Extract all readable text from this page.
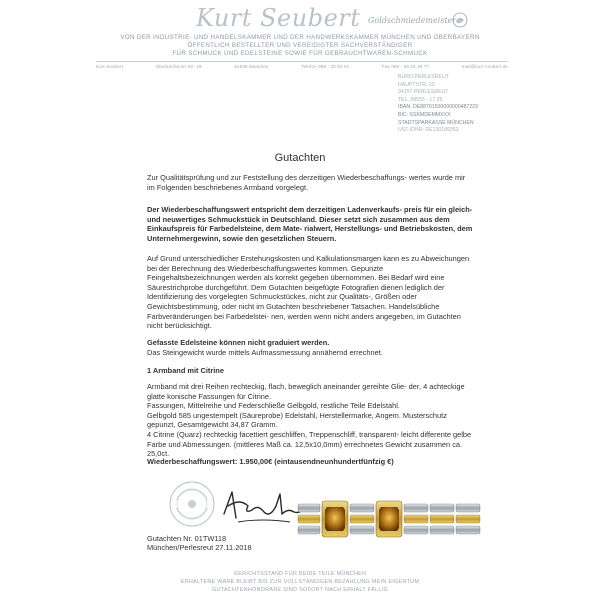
Kurt Seubert Goldschmiedemeister
VON DER INDUSTRIE- UND HANDELSKAMMER UND DER HANDWERKSKAMMER MÜNCHEN UND OBERBAYERN
ÖFFENTLICH BESTELLTER UND VEREIDIGTER SACHVERSTÄNDIGER
FÜR SCHMUCK UND EDELSTEINE SOWIE FÜR GEBRAUCHTWAREN-SCHMUCK
Kurt Seubert	Oberkirchener Str. 29	81539 München	Telefon 089 - 32 60 04	Fax 089 - 33 54 29 77	mail@kurt-seubert.de
BÜRO PERLESREUT
HAUPTSTR. 20
94157 PERLESREUT
TEL. 08555 - 17 29
IBAN: DE88701500000000487223
BIC: SSKMDEMMXXX
STADTSPARKASSE MÜNCHEN
UST-IDNR: DE130189353
Gutachten

Zur Qualitätsprüfung und zur Feststellung des derzeitigen Wiederbeschaffungs- wertes wurde mir im Folgenden beschriebenes Armband vorgelegt.

Der Wiederbeschaffungswert entspricht dem derzeitigen Ladenverkaufs- preis für ein gleich- und neuwertiges Schmuckstück in Deutschland. Dieser setzt sich zusammen aus dem Einkaufspreis für Farbedelsteine, dem Mate- rialwert, Herstellungs- und Betriebskosten, dem Unternehmergewinn, sowie den gesetzlichen Steuern.

Auf Grund unterschiedlicher Erstehungskosten und Kalkulationsmargen kann es zu Abweichungen bei der Berechnung des Wiederbeschaffungswertes kommen. Gepunzte Feingehaltsbezeichnungen werden als korrekt gegeben übernommen. Bei Bedarf wird eine Säurestrichprobe durchgeführt. Dem Gutachten beigefügte Fotografien dienen lediglich der Identifizierung des vorgelegten Schmuckstückes, nicht zur Qualitäts-, Größen oder Gewichtsbestimmung, oder nicht im Gutachten beschriebener Tatsachen. Handelsübliche Farbveränderungen bei Farbedelstei- nen, werden wenn nicht anders angegeben, im Gutachten nicht berücksichtigt.

Gefasste Edelsteine können nicht graduiert werden.

Das Steingewicht wurde mittels Aufmassmessung annähernd errechnet.

1 Armband mit Citrine

Armband mit drei Reihen rechteckig, flach, beweglich aneinander gereihte Glie- der, 4 achteckige glatte konische Fassungen für Citrine.

Fassungen, Mittelreihe und Federschließe Gelbgold, restliche Teile Edelstahl.

Gelbgold 585 ungestempelt (Säureprobe) Edelstahl, Herstellermarke, Angem. Musterschutz gepunzt, Gesamtgewicht 34,87 Gramm.

4 Citrine (Quarz) rechteckig facettiert geschliffen, Treppenschliff, transparent- leicht differente gelbe Farbe und Abmessungen. (mittleres Maß ca. 12,5x10,0mm) errechnetes Gewicht zusammen ca. 25,0ct.

Wiederbeschaffungswert: 1.950,00€ (eintausendneunhundertfünfzig €)
Gutachten Nr. 01TW118
München/Perlesreut 27.11.2018
GERICHTSSTAND FÜR BEIDE TEILE MÜNCHEN
ERHALTENE WARE BLEIBT BIS ZUR VOLLSTÄNDIGEN BEZAHLUNG MEIN EIGENTUM
GUTACHTENHONORARE SIND SOFORT NACH ERHALT FÄLLIG
